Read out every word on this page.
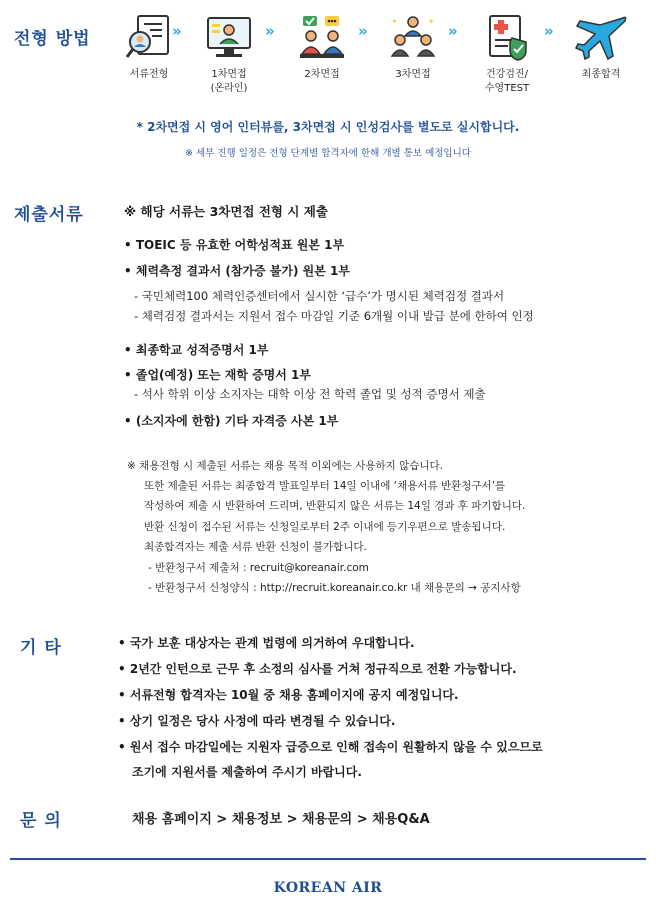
전형 방법
서류전형
»
1차면접
(온라인)
»
2차면접
»
✦	✦
3차면접
»
건강검진/
수영TEST
»
최종합격
* 2차면접 시 영어 인터뷰를, 3차면접 시 인성검사를 별도로 실시합니다.
※ 세부 진행 일정은 전형 단계별 합격자에 한해 개별 통보 예정입니다
제출서류	※ 해당 서류는 3차면접 전형 시 제출
• TOEIC 등 유효한 어학성적표 원본 1부
• 체력측정 결과서 (참가증 불가) 원본 1부
- 국민체력100 체력인증센터에서 실시한 ‘급수’가 명시된 체력검정 결과서
- 체력검정 결과서는 지원서 접수 마감일 기준 6개월 이내 발급 분에 한하여 인정
• 최종학교 성적증명서 1부
• 졸업(예정) 또는 재학 증명서 1부
- 석사 학위 이상 소지자는 대학 이상 전 학력 졸업 및 성적 증명서 제출
• (소지자에 한함) 기타 자격증 사본 1부
※ 채용전형 시 제출된 서류는 채용 목적 이외에는 사용하지 않습니다.
또한 제출된 서류는 최종합격 발표일부터 14일 이내에 ‘채용서류 반환청구서’를
작성하여 제출 시 반환하여 드리며, 반환되지 않은 서류는 14일 경과 후 파기합니다.
반환 신청이 접수된 서류는 신청일로부터 2주 이내에 등기우편으로 발송됩니다.
최종합격자는 제출 서류 반환 신청이 불가합니다.
- 반환청구서 제출처 : recruit@koreanair.com
- 반환청구서 신청양식 : http://recruit.koreanair.co.kr 내 채용문의 → 공지사항
기 타	• 국가 보훈 대상자는 관계 법령에 의거하여 우대합니다.
• 2년간 인턴으로 근무 후 소정의 심사를 거쳐 정규직으로 전환 가능합니다.
• 서류전형 합격자는 10월 중 채용 홈페이지에 공지 예정입니다.
• 상기 일정은 당사 사정에 따라 변경될 수 있습니다.
• 원서 접수 마감일에는 지원자 급증으로 인해 접속이 원활하지 않을 수 있으므로
조기에 지원서를 제출하여 주시기 바랍니다.
문 의	채용 홈페이지 > 채용정보 > 채용문의 > 채용Q&A
KOREAN AIR
